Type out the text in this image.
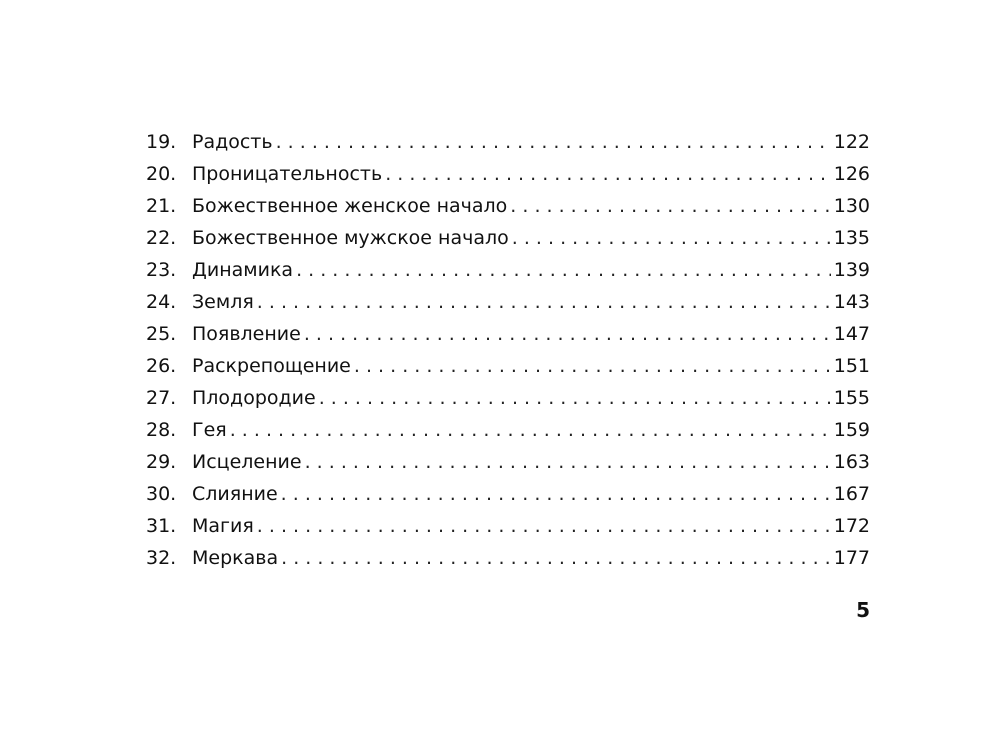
19. Радость . . .	122
20. Проницательность . . .	126
21. Божественное женское начало . . .	130
22. Божественное мужское начало . . .	135
23. Динамика . . .	139
24. Земля . . .	143
25. Появление . . .	147
26. Раскрепощение . . .	151
27. Плодородие . . .	155
28. Гея . . .	159
29. Исцеление . . .	163
30. Слияние . . .	167
31. Магия . . .	172
32. Меркава . . .	177
5
